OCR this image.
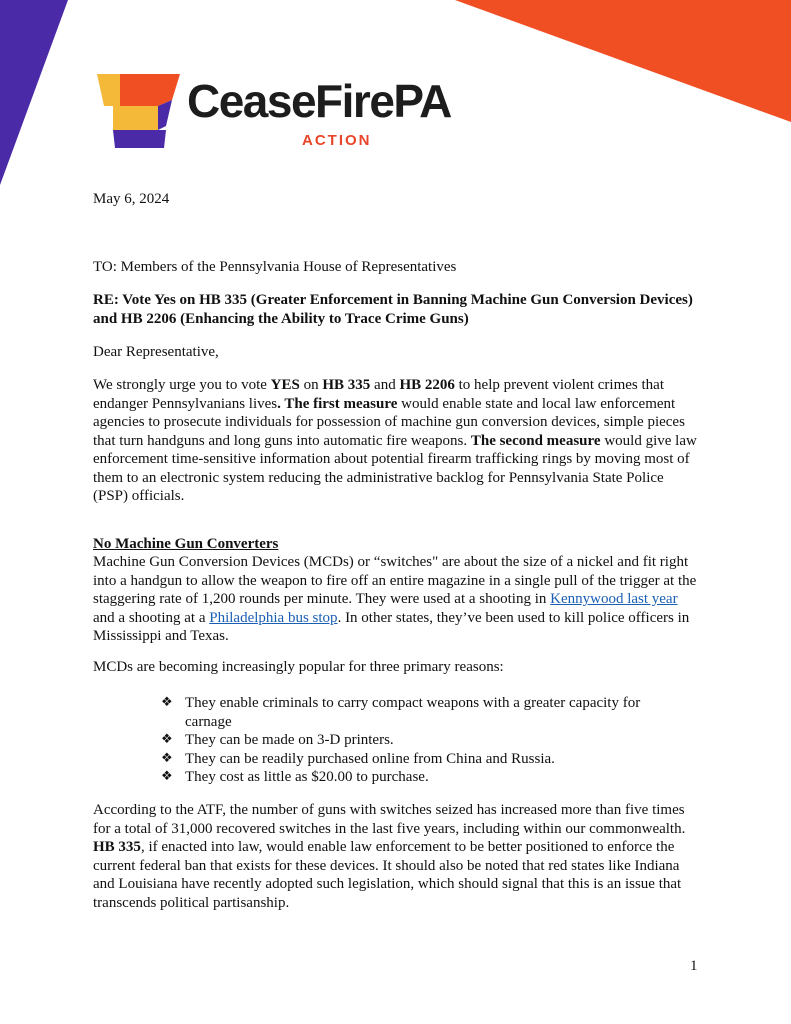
CeaseFirePA
ACTION

May 6, 2024

TO: Members of the Pennsylvania House of Representatives

RE: Vote Yes on HB 335 (Greater Enforcement in Banning Machine Gun Conversion Devices) and HB 2206 (Enhancing the Ability to Trace Crime Guns)

Dear Representative,

We strongly urge you to vote YES on HB 335 and HB 2206 to help prevent violent crimes that endanger Pennsylvanians lives. The first measure would enable state and local law enforcement agencies to prosecute individuals for possession of machine gun conversion devices, simple pieces that turn handguns and long guns into automatic fire weapons. The second measure would give law enforcement time-sensitive information about potential firearm trafficking rings by moving most of them to an electronic system reducing the administrative backlog for Pennsylvania State Police (PSP) officials.

No Machine Gun Converters

Machine Gun Conversion Devices (MCDs) or “switches" are about the size of a nickel and fit right into a handgun to allow the weapon to fire off an entire magazine in a single pull of the trigger at the staggering rate of 1,200 rounds per minute. They were used at a shooting in Kennywood last year and a shooting at a Philadelphia bus stop. In other states, they’ve been used to kill police officers in Mississippi and Texas.

MCDs are becoming increasingly popular for three primary reasons:

❖ They enable criminals to carry compact weapons with a greater capacity for carnage
❖ They can be made on 3-D printers.
❖ They can be readily purchased online from China and Russia.
❖ They cost as little as $20.00 to purchase.

According to the ATF, the number of guns with switches seized has increased more than five times for a total of 31,000 recovered switches in the last five years, including within our commonwealth. HB 335, if enacted into law, would enable law enforcement to be better positioned to enforce the current federal ban that exists for these devices. It should also be noted that red states like Indiana and Louisiana have recently adopted such legislation, which should signal that this is an issue that transcends political partisanship.

1
